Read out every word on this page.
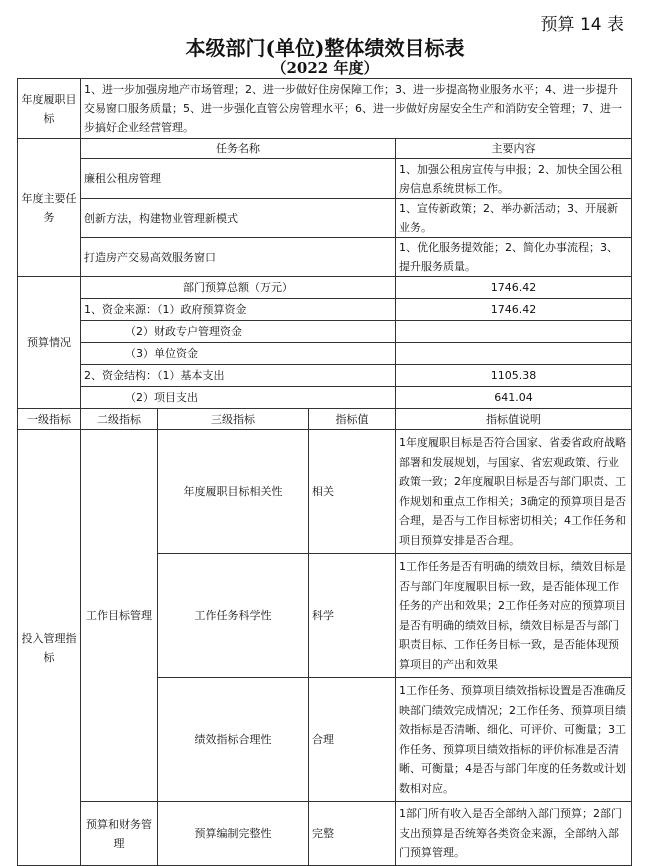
预算 14 表
本级部门(单位)整体绩效目标表
（2022 年度）
年度履职目标	1、进一步加强房地产市场管理；2、进一步做好住房保障工作；3、进一步提高物业服务水平；4、进一步提升交易窗口服务质量；5、进一步强化直管公房管理水平；6、进一步做好房屋安全生产和消防安全管理；7、进一步搞好企业经营管理。			
年度主要任务	任务名称			主要内容
	廉租公租房管理			1、加强公租房宣传与申报；2、加快全国公租房信息系统贯标工作。
	创新方法，构建物业管理新模式			1、宣传新政策；2、举办新活动；3、开展新业务。
	打造房产交易高效服务窗口			1、优化服务提效能；2、简化办事流程；3、提升服务质量。
预算情况	部门预算总额（万元）			1746.42
	1、资金来源：（1）政府预算资金			1746.42
	（2）财政专户管理资金			
	（3）单位资金			
	2、资金结构：（1）基本支出			1105.38
	（2）项目支出			641.04
一级指标	二级指标	三级指标	指标值	指标值说明
投入管理指标	工作目标管理	年度履职目标相关性	相关	1年度履职目标是否符合国家、省委省政府战略部署和发展规划，与国家、省宏观政策、行业政策一致；2年度履职目标是否与部门职责、工作规划和重点工作相关；3确定的预算项目是否合理，是否与工作目标密切相关；4工作任务和项目预算安排是否合理。
		工作任务科学性	科学	1工作任务是否有明确的绩效目标，绩效目标是否与部门年度履职目标一致，是否能体现工作任务的产出和效果；2工作任务对应的预算项目是否有明确的绩效目标，绩效目标是否与部门职责目标、工作任务目标一致，是否能体现预算项目的产出和效果
		绩效指标合理性	合理	1工作任务、预算项目绩效指标设置是否准确反映部门绩效完成情况；2工作任务、预算项目绩效指标是否清晰、细化、可评价、可衡量；3工作任务、预算项目绩效指标的评价标准是否清晰、可衡量；4是否与部门年度的任务数或计划数相对应。
	预算和财务管理	预算编制完整性	完整	1部门所有收入是否全部纳入部门预算；2部门支出预算是否统筹各类资金来源，全部纳入部门预算管理。
